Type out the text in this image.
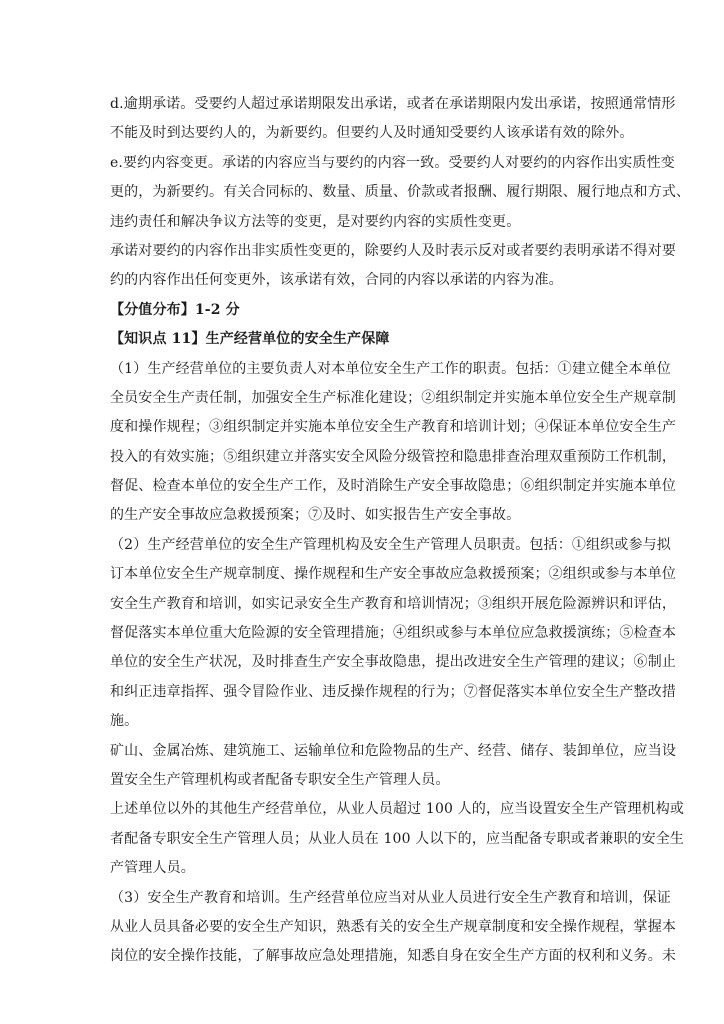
d.逾期承诺。受要约人超过承诺期限发出承诺，或者在承诺期限内发出承诺，按照通常情形
不能及时到达要约人的，为新要约。但要约人及时通知受要约人该承诺有效的除外。
e.要约内容变更。承诺的内容应当与要约的内容一致。受要约人对要约的内容作出实质性变
更的，为新要约。有关合同标的、数量、质量、价款或者报酬、履行期限、履行地点和方式、
违约责任和解决争议方法等的变更，是对要约内容的实质性变更。
承诺对要约的内容作出非实质性变更的，除要约人及时表示反对或者要约表明承诺不得对要
约的内容作出任何变更外，该承诺有效，合同的内容以承诺的内容为准。
【分值分布】1-2 分
【知识点 11】生产经营单位的安全生产保障
（1）生产经营单位的主要负责人对本单位安全生产工作的职责。包括：①建立健全本单位
全员安全生产责任制，加强安全生产标准化建设；②组织制定并实施本单位安全生产规章制
度和操作规程；③组织制定并实施本单位安全生产教育和培训计划；④保证本单位安全生产
投入的有效实施；⑤组织建立并落实安全风险分级管控和隐患排查治理双重预防工作机制，
督促、检查本单位的安全生产工作，及时消除生产安全事故隐患；⑥组织制定并实施本单位
的生产安全事故应急救援预案；⑦及时、如实报告生产安全事故。
（2）生产经营单位的安全生产管理机构及安全生产管理人员职责。包括：①组织或参与拟
订本单位安全生产规章制度、操作规程和生产安全事故应急救援预案；②组织或参与本单位
安全生产教育和培训，如实记录安全生产教育和培训情况；③组织开展危险源辨识和评估，
督促落实本单位重大危险源的安全管理措施；④组织或参与本单位应急救援演练；⑤检查本
单位的安全生产状况，及时排查生产安全事故隐患，提出改进安全生产管理的建议；⑥制止
和纠正违章指挥、强令冒险作业、违反操作规程的行为；⑦督促落实本单位安全生产整改措
施。
矿山、金属冶炼、建筑施工、运输单位和危险物品的生产、经营、储存、装卸单位，应当设
置安全生产管理机构或者配备专职安全生产管理人员。
上述单位以外的其他生产经营单位，从业人员超过 100 人的，应当设置安全生产管理机构或
者配备专职安全生产管理人员；从业人员在 100 人以下的，应当配备专职或者兼职的安全生
产管理人员。
（3）安全生产教育和培训。生产经营单位应当对从业人员进行安全生产教育和培训，保证
从业人员具备必要的安全生产知识，熟悉有关的安全生产规章制度和安全操作规程，掌握本
岗位的安全操作技能，了解事故应急处理措施，知悉自身在安全生产方面的权利和义务。未
